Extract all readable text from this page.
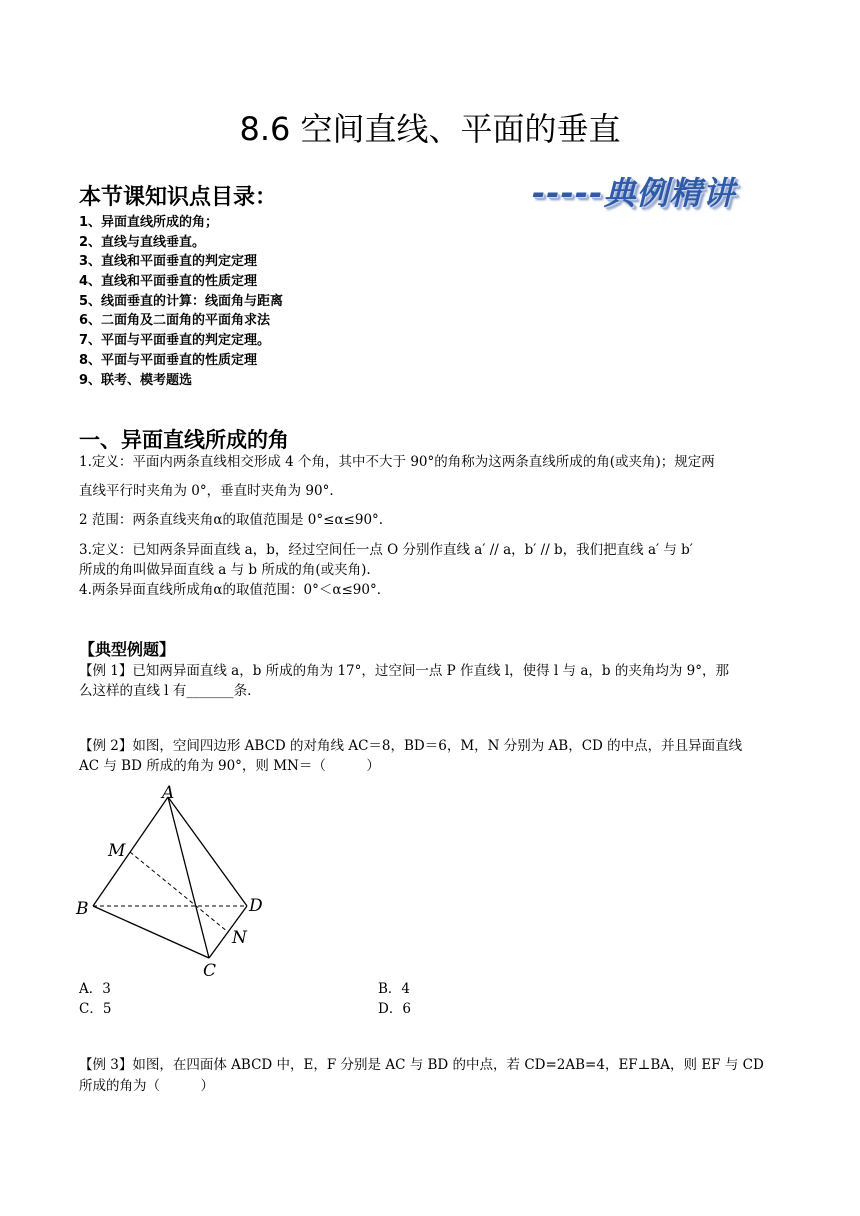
8.6 空间直线、平面的垂直
本节课知识点目录：	-----典例精讲
1、异面直线所成的角；
2、直线与直线垂直。
3、直线和平面垂直的判定定理
4、直线和平面垂直的性质定理
5、线面垂直的计算：线面角与距离
6、二面角及二面角的平面角求法
7、平面与平面垂直的判定定理。
8、平面与平面垂直的性质定理
9、联考、模考题选
一、异面直线所成的角
1.定义：平面内两条直线相交形成 4 个角，其中不大于 90°的角称为这两条直线所成的角(或夹角)；规定两
直线平行时夹角为 0°，垂直时夹角为 90°.
2 范围：两条直线夹角α的取值范围是 0°≤α≤90°.
3.定义：已知两条异面直线 a，b，经过空间任一点 O 分别作直线 a′ // a，b′ // b，我们把直线 a′ 与 b′
所成的角叫做异面直线 a 与 b 所成的角(或夹角).
4.两条异面直线所成角α的取值范围：0°＜α≤90°．
【典型例题】
【例 1】已知两异面直线 a，b 所成的角为 17°，过空间一点 P 作直线 l，使得 l 与 a，b 的夹角均为 9°，那
么这样的直线 l 有_______条.
【例 2】如图，空间四边形 ABCD 的对角线 AC＝8，BD＝6，M，N 分别为 AB，CD 的中点，并且异面直线
AC 与 BD 所成的角为 90°，则 MN＝（　　　）
A
M
B	D
N
C
A．3	B．4
C．5	D．6
【例 3】如图，在四面体 ABCD 中，E，F 分别是 AC 与 BD 的中点，若 CD=2AB=4，EF⊥BA，则 EF 与 CD
所成的角为（　　　）
